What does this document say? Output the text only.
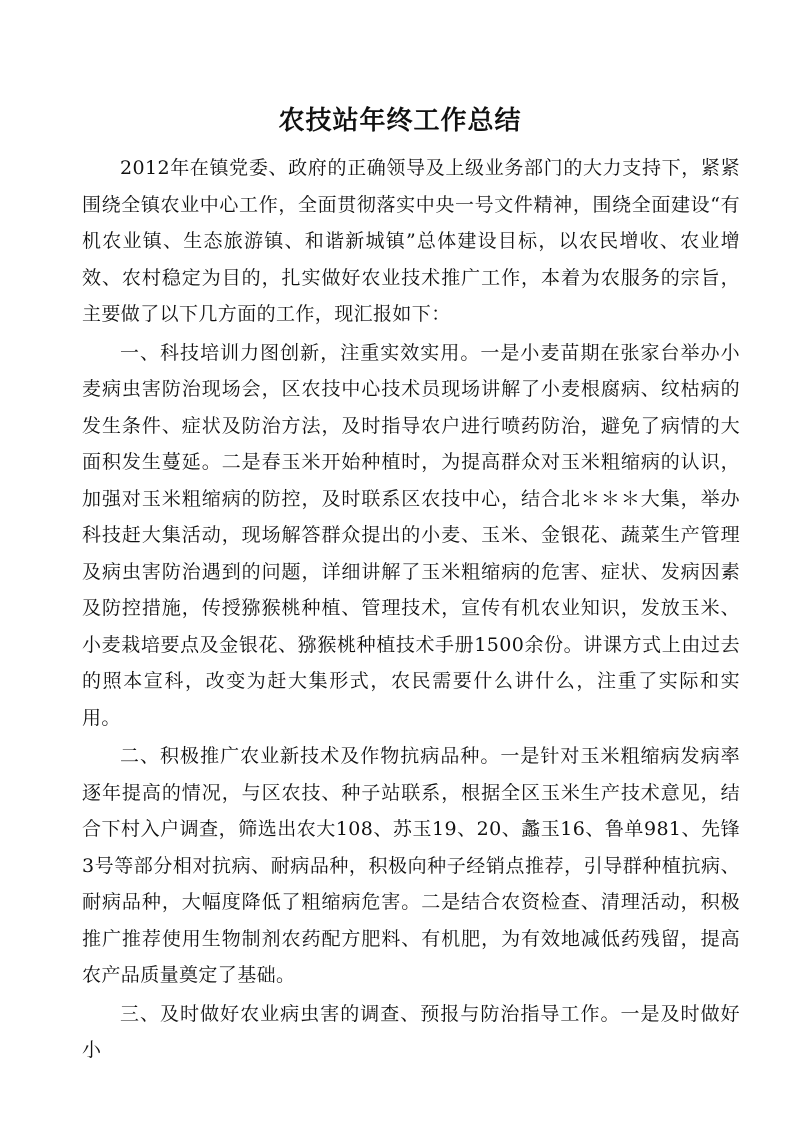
农技站年终工作总结

2012年在镇党委、政府的正确领导及上级业务部门的大力支持下，紧紧围绕全镇农业中心工作，全面贯彻落实中央一号文件精神，围绕全面建设“有机农业镇、生态旅游镇、和谐新城镇”总体建设目标，以农民增收、农业增效、农村稳定为目的，扎实做好农业技术推广工作，本着为农服务的宗旨，主要做了以下几方面的工作，现汇报如下：

一、科技培训力图创新，注重实效实用。一是小麦苗期在张家台举办小麦病虫害防治现场会，区农技中心技术员现场讲解了小麦根腐病、纹枯病的发生条件、症状及防治方法，及时指导农户进行喷药防治，避免了病情的大面积发生蔓延。二是春玉米开始种植时，为提高群众对玉米粗缩病的认识，加强对玉米粗缩病的防控，及时联系区农技中心，结合北＊＊＊大集，举办科技赶大集活动，现场解答群众提出的小麦、玉米、金银花、蔬菜生产管理及病虫害防治遇到的问题，详细讲解了玉米粗缩病的危害、症状、发病因素及防控措施，传授猕猴桃种植、管理技术，宣传有机农业知识，发放玉米、小麦栽培要点及金银花、猕猴桃种植技术手册1500余份。讲课方式上由过去的照本宣科，改变为赶大集形式，农民需要什么讲什么，注重了实际和实用。

二、积极推广农业新技术及作物抗病品种。一是针对玉米粗缩病发病率逐年提高的情况，与区农技、种子站联系，根据全区玉米生产技术意见，结合下村入户调查，筛选出农大108、苏玉19、20、蠡玉16、鲁单981、先锋3号等部分相对抗病、耐病品种，积极向种子经销点推荐，引导群种植抗病、耐病品种，大幅度降低了粗缩病危害。二是结合农资检查、清理活动，积极推广推荐使用生物制剂农药配方肥料、有机肥，为有效地减低药残留，提高农产品质量奠定了基础。

三、及时做好农业病虫害的调查、预报与防治指导工作。一是及时做好小
